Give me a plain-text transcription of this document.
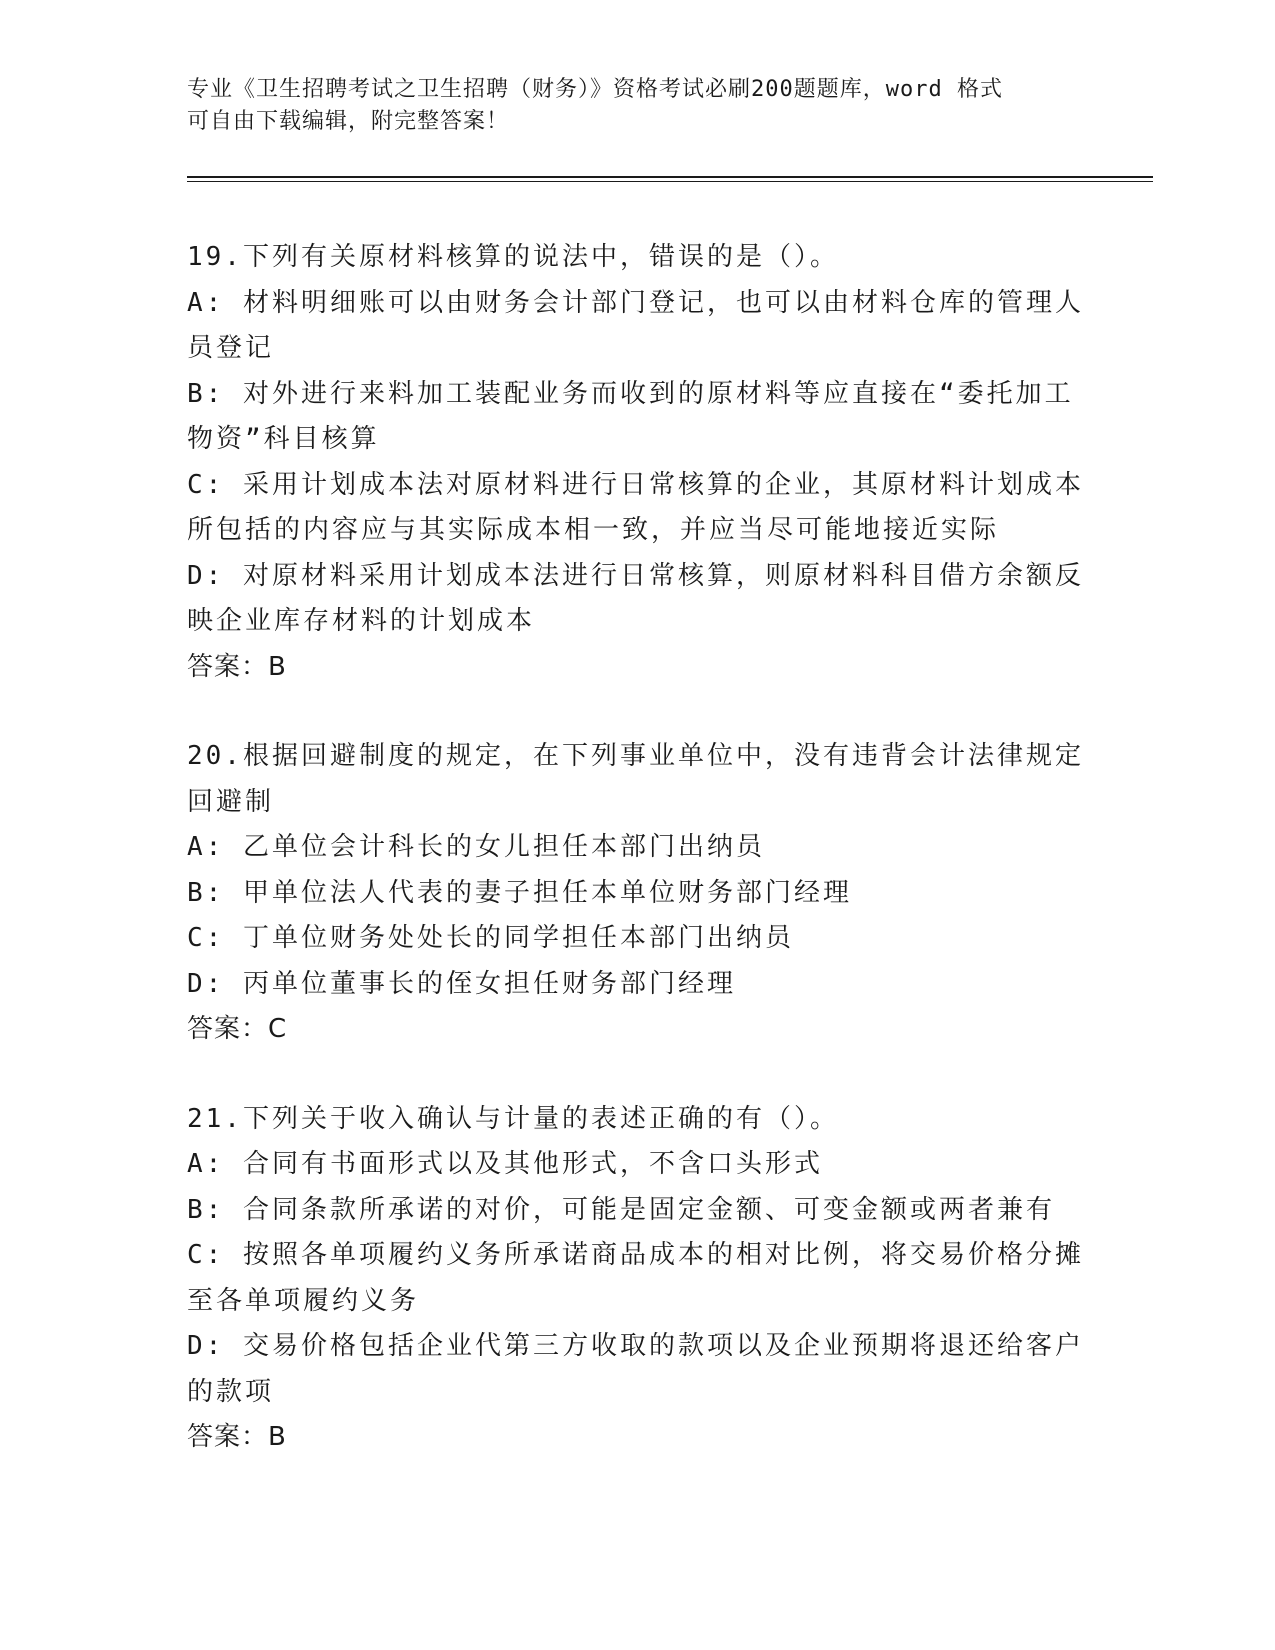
专业《卫生招聘考试之卫生招聘（财务）》资格考试必刷200题题库，word 格式
可自由下载编辑，附完整答案！
19.下列有关原材料核算的说法中，错误的是（）。
A: 材料明细账可以由财务会计部门登记，也可以由材料仓库的管理人
员登记
B: 对外进行来料加工装配业务而收到的原材料等应直接在“委托加工
物资”科目核算
C: 采用计划成本法对原材料进行日常核算的企业，其原材料计划成本
所包括的内容应与其实际成本相一致，并应当尽可能地接近实际
D: 对原材料采用计划成本法进行日常核算，则原材料科目借方余额反
映企业库存材料的计划成本
答案：B
20.根据回避制度的规定，在下列事业单位中，没有违背会计法律规定
回避制
A: 乙单位会计科长的女儿担任本部门出纳员
B: 甲单位法人代表的妻子担任本单位财务部门经理
C: 丁单位财务处处长的同学担任本部门出纳员
D: 丙单位董事长的侄女担任财务部门经理
答案：C
21.下列关于收入确认与计量的表述正确的有（）。
A: 合同有书面形式以及其他形式，不含口头形式
B: 合同条款所承诺的对价，可能是固定金额、可变金额或两者兼有
C: 按照各单项履约义务所承诺商品成本的相对比例，将交易价格分摊
至各单项履约义务
D: 交易价格包括企业代第三方收取的款项以及企业预期将退还给客户
的款项
答案：B
